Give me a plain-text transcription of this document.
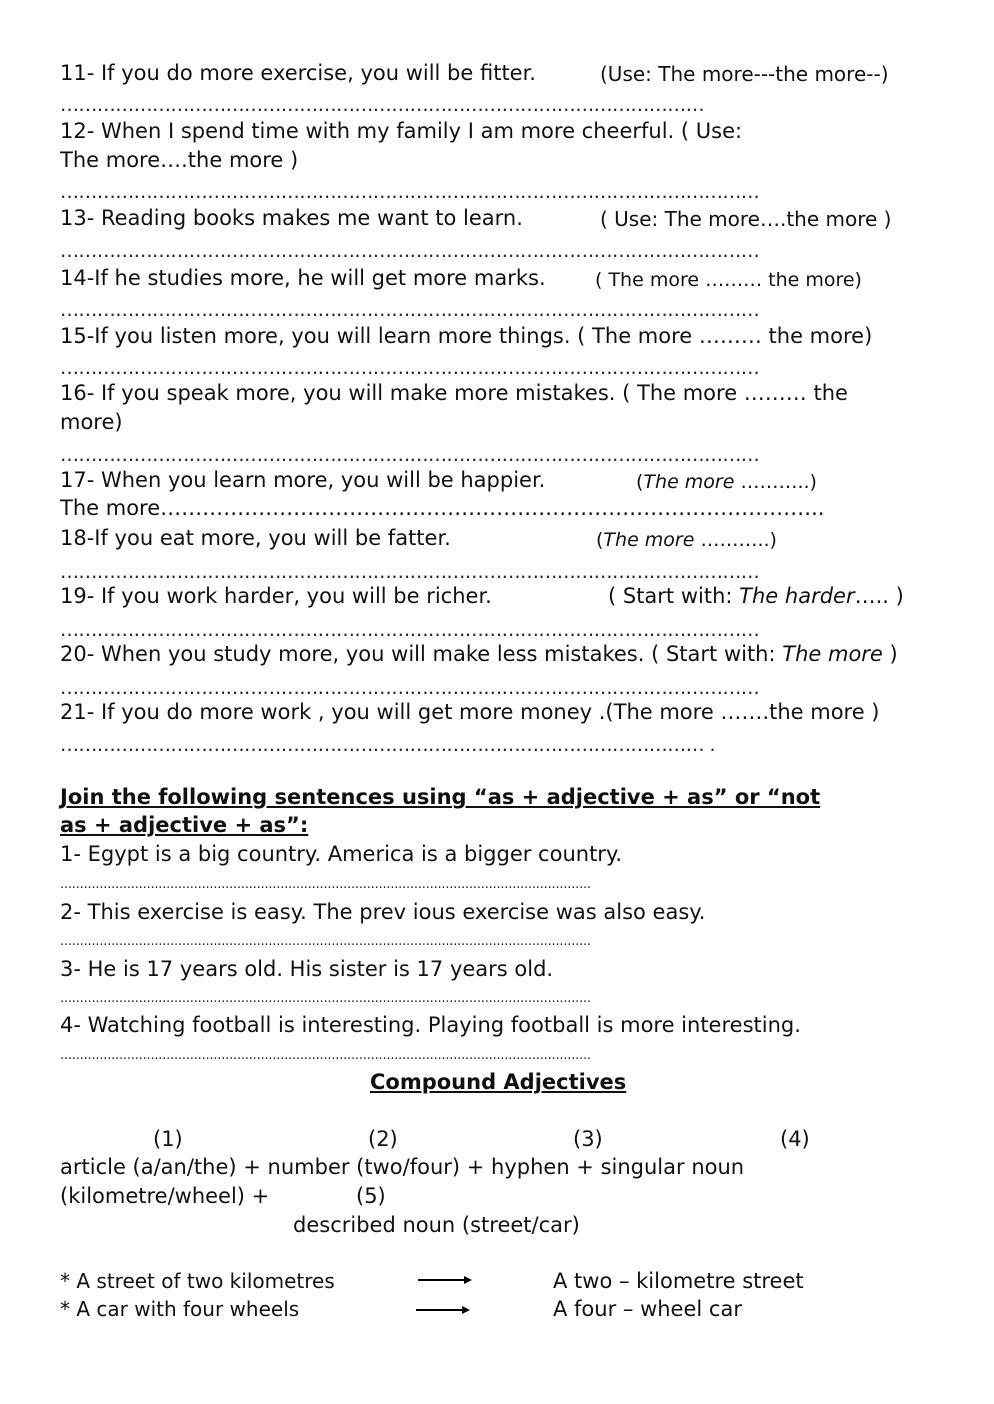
11- If you do more exercise, you will be fitter.	(Use: The more---the more--)
……………………………………………………………………………………………
12- When I spend time with my family I am more cheerful. ( Use:
The more….the more )
……………………………………………………………………………………………………
13- Reading books makes me want to learn.	( Use: The more….the more )
……………………………………………………………………………………………………
14-If he studies more, he will get more marks.	( The more ……… the more)
……………………………………………………………………………………………………
15-If you listen more, you will learn more things. ( The more ……… the more)
……………………………………………………………………………………………………
16- If you speak more, you will make more mistakes. ( The more ……… the
more)
……………………………………………………………………………………………………
17- When you learn more, you will be happier.	(The more ………..)
The more…………………………………………………………………………………..
18-If you eat more, you will be fatter.	(The more ………..)
……………………………………………………………………………………………………
19- If you work harder, you will be richer.	( Start with: The harder….. )
……………………………………………………………………………………………………
20- When you study more, you will make less mistakes. ( Start with: The more )
……………………………………………………………………………………………………
21- If you do more work , you will get more money .(The more …….the more )
…………………………………………………………………………………………… .
Join the following sentences using “as + adjective + as” or “not
as + adjective + as”:
1- Egypt is a big country. America is a bigger country.
.......................................................................................................................................
2- This exercise is easy. The prev ious exercise was also easy.
.......................................................................................................................................
3- He is 17 years old. His sister is 17 years old.
.......................................................................................................................................
4- Watching football is interesting. Playing football is more interesting.
.......................................................................................................................................
Compound Adjectives
(1)	(2)	(3)	(4)
article (a/an/the) + number (two/four) + hyphen + singular noun
(kilometre/wheel) +	(5)
described noun (street/car)
* A street of two kilometres	A two – kilometre street
* A car with four wheels	A four – wheel car
